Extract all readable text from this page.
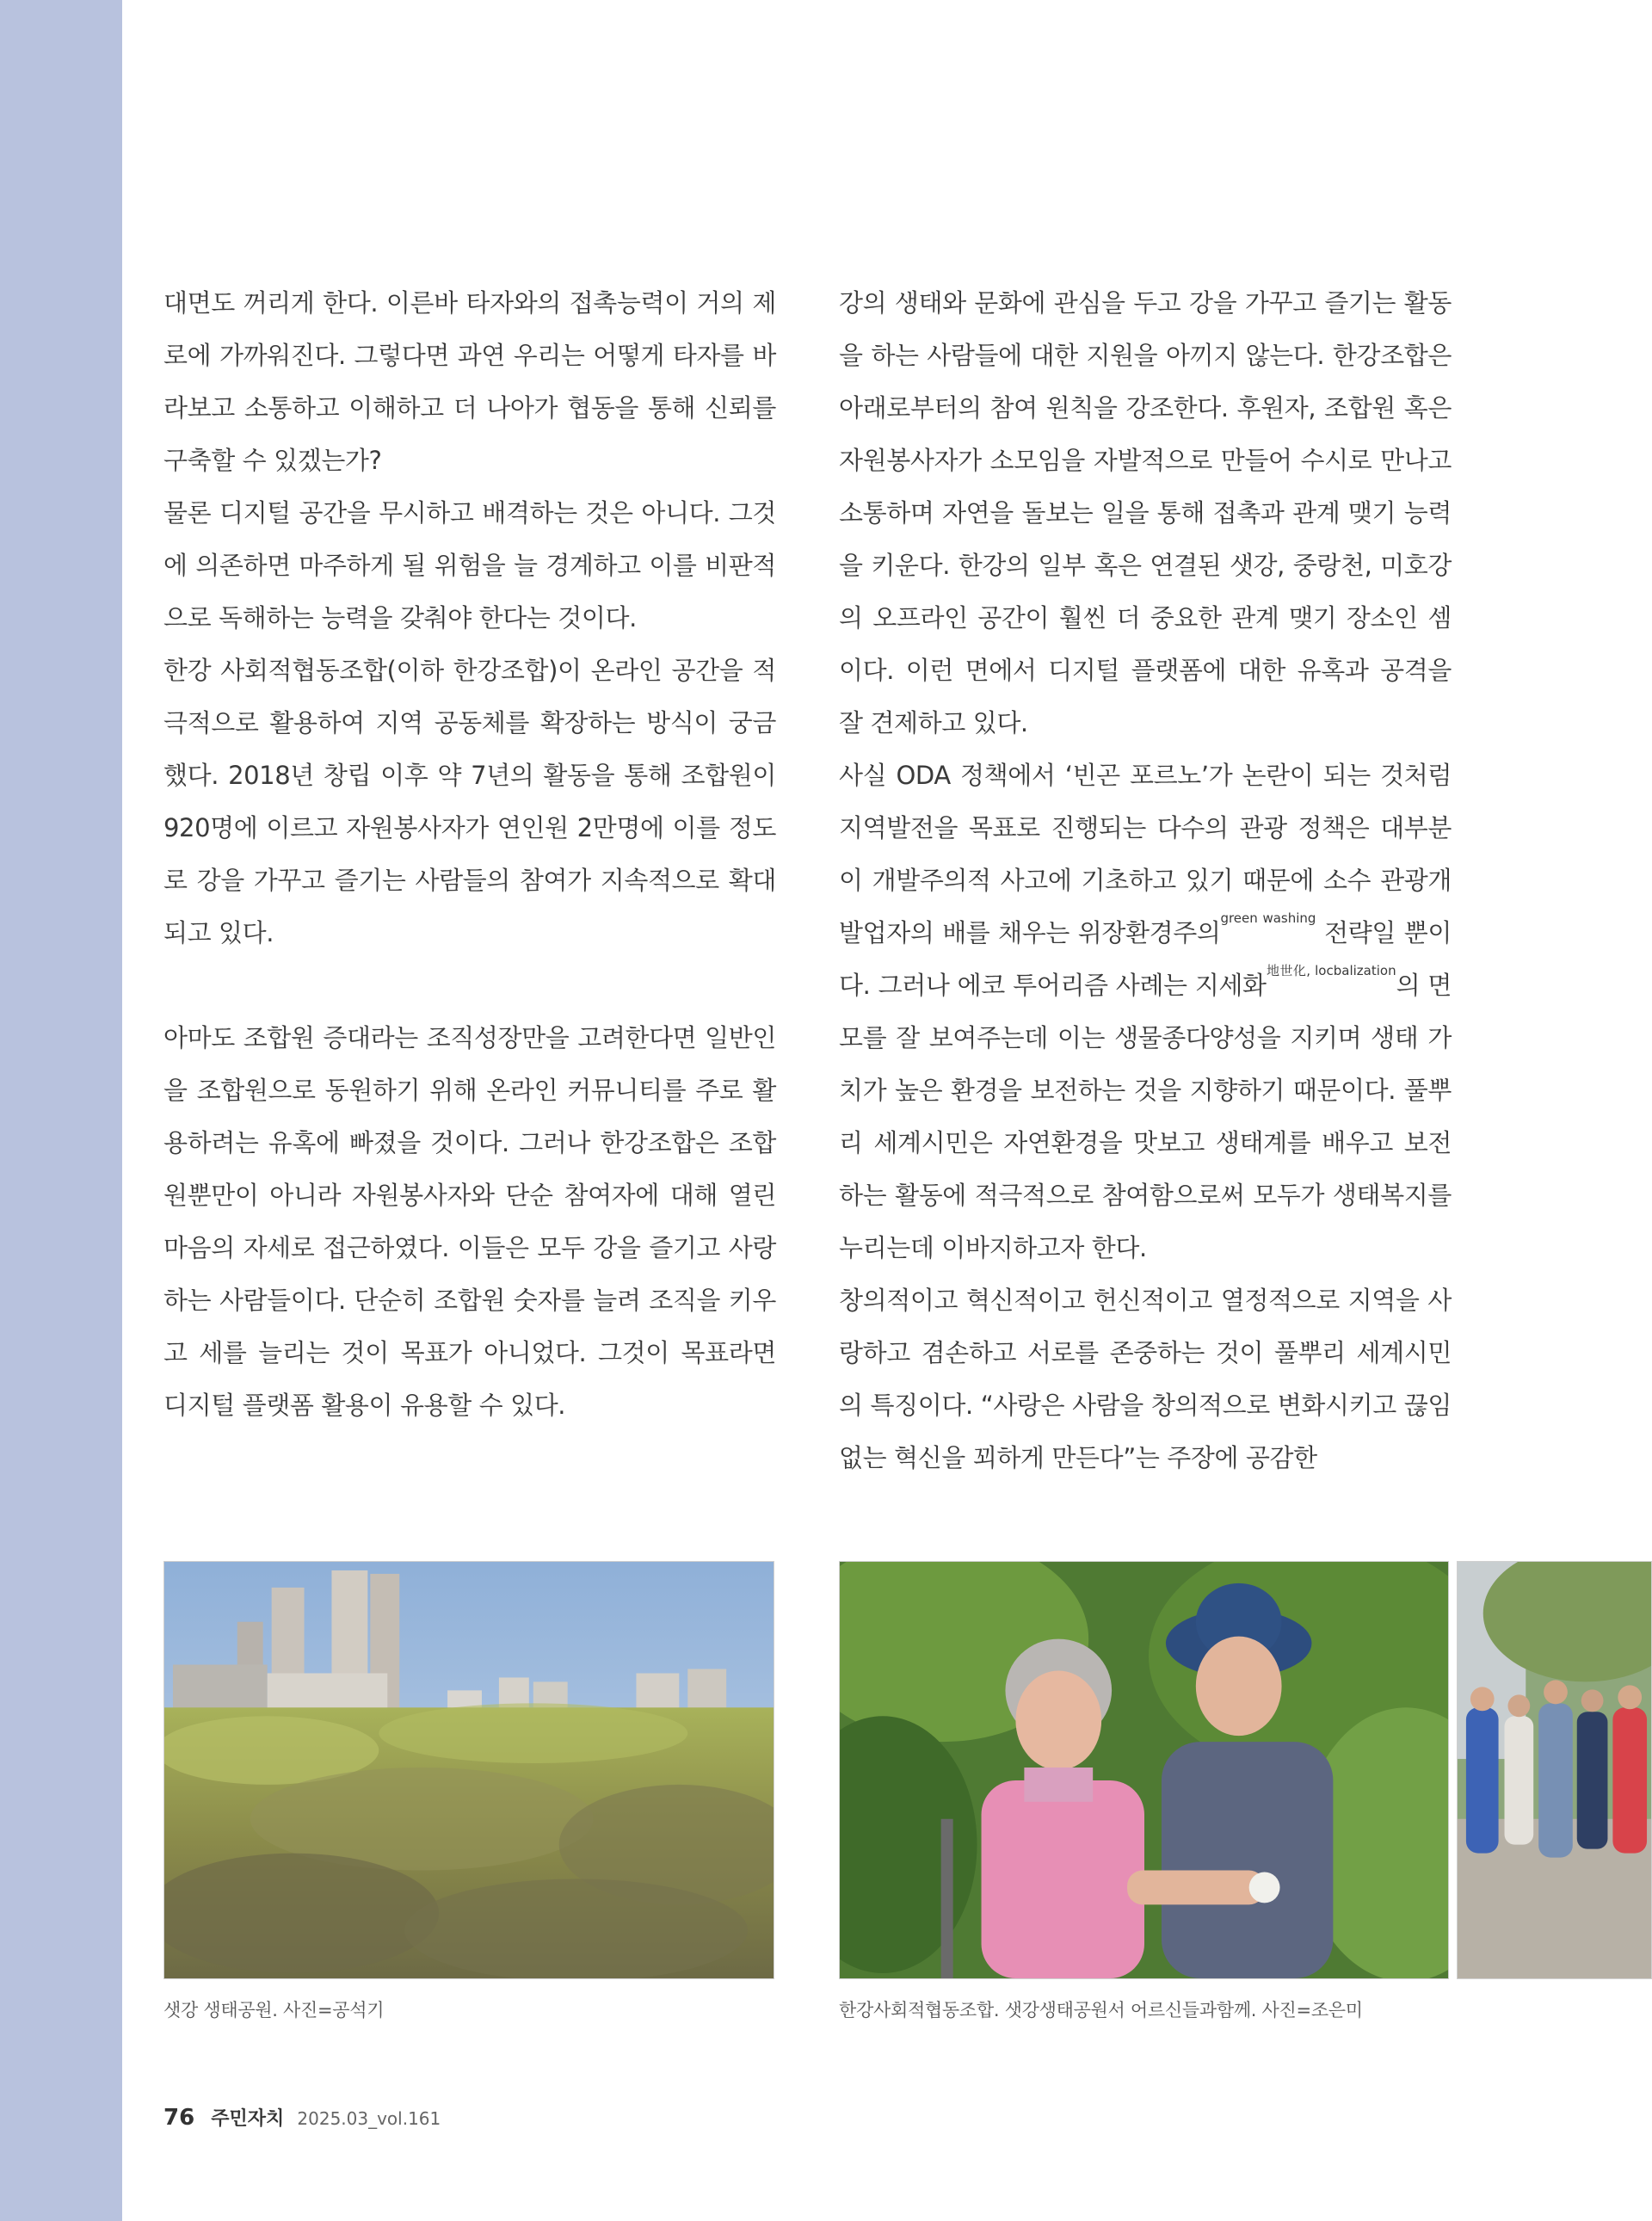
대면도 꺼리게 한다. 이른바 타자와의 접촉능력이 거의 제로에 가까워진다. 그렇다면 과연 우리는 어떻게 타자를 바라보고 소통하고 이해하고 더 나아가 협동을 통해 신뢰를 구축할 수 있겠는가?

물론 디지털 공간을 무시하고 배격하는 것은 아니다. 그것에 의존하면 마주하게 될 위험을 늘 경계하고 이를 비판적으로 독해하는 능력을 갖춰야 한다는 것이다.

한강 사회적협동조합(이하 한강조합)이 온라인 공간을 적극적으로 활용하여 지역 공동체를 확장하는 방식이 궁금했다. 2018년 창립 이후 약 7년의 활동을 통해 조합원이 920명에 이르고 자원봉사자가 연인원 2만명에 이를 정도로 강을 가꾸고 즐기는 사람들의 참여가 지속적으로 확대되고 있다.

아마도 조합원 증대라는 조직성장만을 고려한다면 일반인을 조합원으로 동원하기 위해 온라인 커뮤니티를 주로 활용하려는 유혹에 빠졌을 것이다. 그러나 한강조합은 조합원뿐만이 아니라 자원봉사자와 단순 참여자에 대해 열린 마음의 자세로 접근하였다. 이들은 모두 강을 즐기고 사랑하는 사람들이다. 단순히 조합원 숫자를 늘려 조직을 키우고 세를 늘리는 것이 목표가 아니었다. 그것이 목표라면 디지털 플랫폼 활용이 유용할 수 있다.

강의 생태와 문화에 관심을 두고 강을 가꾸고 즐기는 활동을 하는 사람들에 대한 지원을 아끼지 않는다. 한강조합은 아래로부터의 참여 원칙을 강조한다. 후원자, 조합원 혹은 자원봉사자가 소모임을 자발적으로 만들어 수시로 만나고 소통하며 자연을 돌보는 일을 통해 접촉과 관계 맺기 능력을 키운다. 한강의 일부 혹은 연결된 샛강, 중랑천, 미호강의 오프라인 공간이 훨씬 더 중요한 관계 맺기 장소인 셈이다. 이런 면에서 디지털 플랫폼에 대한 유혹과 공격을 잘 견제하고 있다.

사실 ODA 정책에서 ‘빈곤 포르노’가 논란이 되는 것처럼 지역발전을 목표로 진행되는 다수의 관광 정책은 대부분이 개발주의적 사고에 기초하고 있기 때문에 소수 관광개발업자의 배를 채우는 위장환경주의$^{green washing}$ 전략일 뿐이다. 그러나 에코 투어리즘 사례는 지세화$^{地世化, locbalization}$의 면모를 잘 보여주는데 이는 생물종다양성을 지키며 생태 가치가 높은 환경을 보전하는 것을 지향하기 때문이다. 풀뿌리 세계시민은 자연환경을 맛보고 생태계를 배우고 보전하는 활동에 적극적으로 참여함으로써 모두가 생태복지를 누리는데 이바지하고자 한다.

창의적이고 혁신적이고 헌신적이고 열정적으로 지역을 사랑하고 겸손하고 서로를 존중하는 것이 풀뿌리 세계시민의 특징이다. “사랑은 사람을 창의적으로 변화시키고 끊임없는 혁신을 꾀하게 만든다”는 주장에 공감한

샛강 생태공원. 사진=공석기	한강사회적협동조합. 샛강생태공원서 어르신들과함께. 사진=조은미
76 주민자치 2025.03_vol.161
